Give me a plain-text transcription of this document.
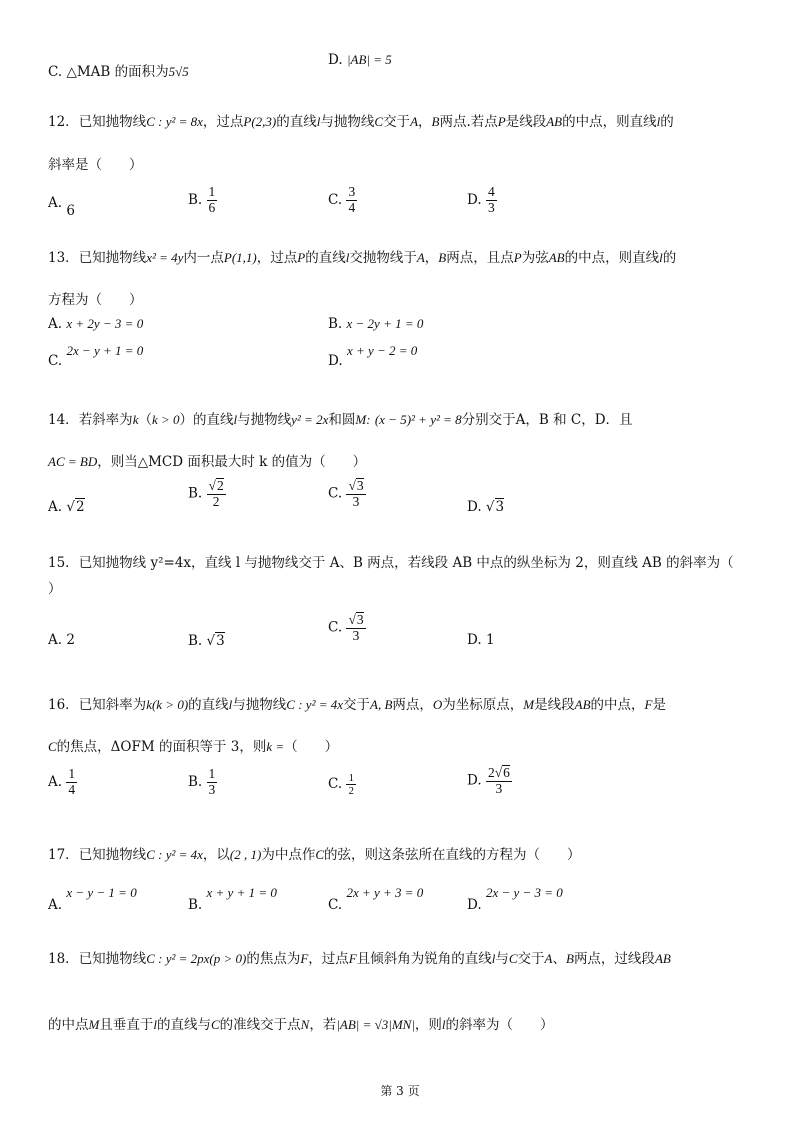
C. △MAB 的面积为5√5
D. |AB| = 5
12．已知抛物线C : y² = 8x，过点P(2,3)的直线l与抛物线C交于A，B两点.若点P是线段AB的中点，则直线l的
斜率是（　　）
A. 6
B. $\frac{1}{6}$	C. $\frac{3}{4}$	D. $\frac{4}{3}$
13．已知抛物线x² = 4y内一点P(1,1)，过点P的直线l交抛物线于A，B两点，且点P为弦AB的中点，则直线l的
方程为（　　）
A. x + 2y − 3 = 0	B. x − 2y + 1 = 0
C. 2x − y + 1 = 0
D. x + y − 2 = 0
14．若斜率为k（k > 0）的直线l与抛物线y² = 2x和圆M: (x − 5)² + y² = 8分别交于A，B 和 C，D．且
AC = BD，则当△MCD 面积最大时 k 的值为（　　）
A. √2
B. $\frac{√2}{2}$	C. $\frac{√3}{3}$	D. √3
15．已知抛物线 y²=4x，直线 l 与抛物线交于 A、B 两点，若线段 AB 中点的纵坐标为 2，则直线 AB 的斜率为（
）
A. 2	B. √3
C. $\frac{√3}{3}$	D. 1
16．已知斜率为k(k > 0)的直线l与抛物线C : y² = 4x交于A, B两点，O为坐标原点，M是线段AB的中点，F是
C的焦点，ΔOFM 的面积等于 3，则k =（　　）
A. $\frac{1}{4}$	B. $\frac{1}{3}$	C. $\frac{1}{2}$	D. $\frac{2√6}{3}$
17．已知抛物线C : y² = 4x，以(2 , 1)为中点作C的弦，则这条弦所在直线的方程为（　　）
A. x − y − 1 = 0
B. x + y + 1 = 0
C. 2x + y + 3 = 0
D. 2x − y − 3 = 0
18．已知抛物线C : y² = 2px(p > 0)的焦点为F，过点F且倾斜角为锐角的直线l与C交于A、B两点，过线段AB
的中点M且垂直于l的直线与C的准线交于点N，若|AB| = √3|MN|，则l的斜率为（　　）
第 3 页
